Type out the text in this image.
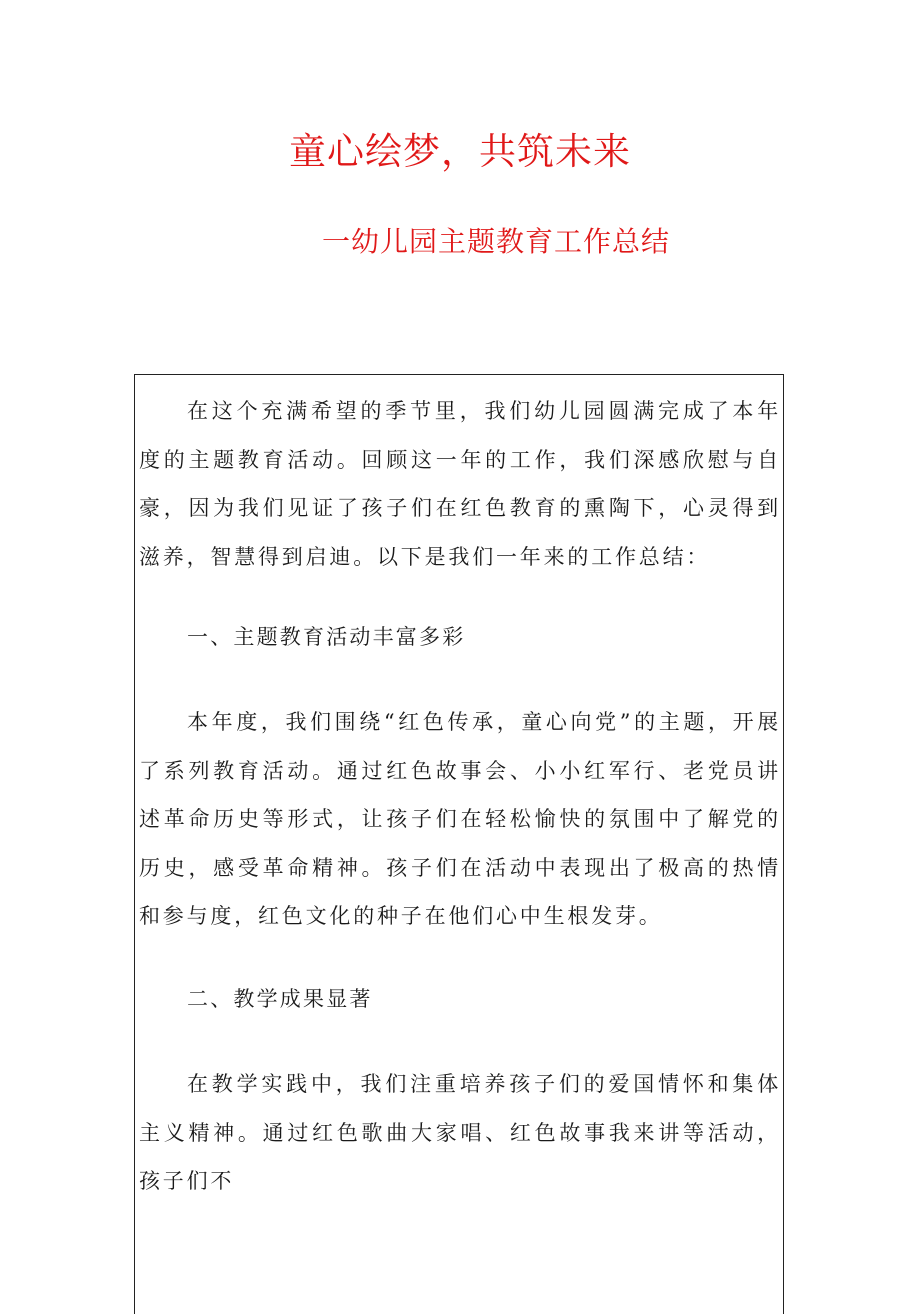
童心绘梦，共筑未来
一幼儿园主题教育工作总结

在这个充满希望的季节里，我们幼儿园圆满完成了本年度的主题教育活动。回顾这一年的工作，我们深感欣慰与自豪，因为我们见证了孩子们在红色教育的熏陶下，心灵得到滋养，智慧得到启迪。以下是我们一年来的工作总结：

一、主题教育活动丰富多彩

本年度，我们围绕“红色传承，童心向党”的主题，开展了系列教育活动。通过红色故事会、小小红军行、老党员讲述革命历史等形式，让孩子们在轻松愉快的氛围中了解党的历史，感受革命精神。孩子们在活动中表现出了极高的热情和参与度，红色文化的种子在他们心中生根发芽。

二、教学成果显著

在教学实践中，我们注重培养孩子们的爱国情怀和集体主义精神。通过红色歌曲大家唱、红色故事我来讲等活动，孩子们不
